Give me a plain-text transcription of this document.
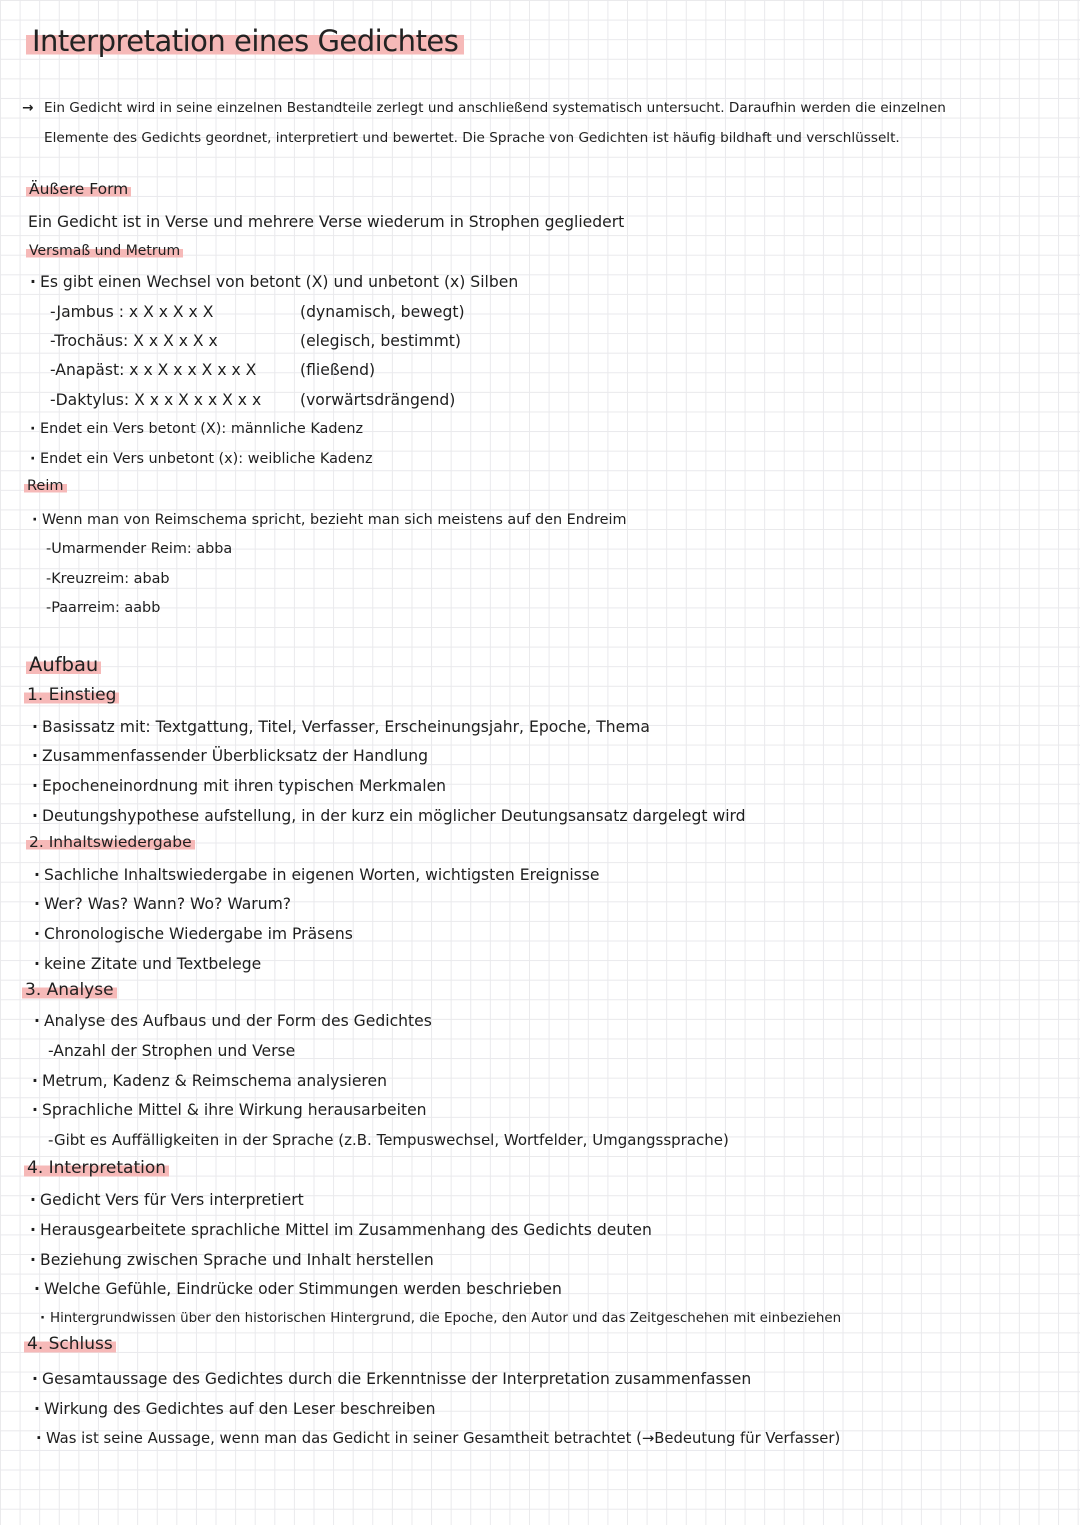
Interpretation eines Gedichtes
→ Ein Gedicht wird in seine einzelnen Bestandteile zerlegt und anschließend systematisch untersucht. Daraufhin werden die einzelnen
Elemente des Gedichts geordnet, interpretiert und bewertet. Die Sprache von Gedichten ist häufig bildhaft und verschlüsselt.
Äußere Form
Ein Gedicht ist in Verse und mehrere Verse wiederum in Strophen gegliedert
Versmaß und Metrum
· Es gibt einen Wechsel von betont (X) und unbetont (x) Silben
-Jambus : x X x X x X	(dynamisch, bewegt)
-Trochäus: X x X x X x	(elegisch, bestimmt)
-Anapäst: x x X x x X x x X	(fließend)
-Daktylus: X x x X x x X x x (vorwärtsdrängend)
· Endet ein Vers betont (X): männliche Kadenz
· Endet ein Vers unbetont (x): weibliche Kadenz
Reim
· Wenn man von Reimschema spricht, bezieht man sich meistens auf den Endreim
-Umarmender Reim: abba
-Kreuzreim: abab
-Paarreim: aabb
Aufbau
1. Einstieg
· Basissatz mit: Textgattung, Titel, Verfasser, Erscheinungsjahr, Epoche, Thema
· Zusammenfassender Überblicksatz der Handlung
· Epocheneinordnung mit ihren typischen Merkmalen
· Deutungshypothese aufstellung, in der kurz ein möglicher Deutungsansatz dargelegt wird
2. Inhaltswiedergabe
· Sachliche Inhaltswiedergabe in eigenen Worten, wichtigsten Ereignisse
· Wer? Was? Wann? Wo? Warum?
· Chronologische Wiedergabe im Präsens
· keine Zitate und Textbelege
3. Analyse
· Analyse des Aufbaus und der Form des Gedichtes
-Anzahl der Strophen und Verse
· Metrum, Kadenz & Reimschema analysieren
· Sprachliche Mittel & ihre Wirkung herausarbeiten
-Gibt es Auffälligkeiten in der Sprache (z.B. Tempuswechsel, Wortfelder, Umgangssprache)
4. Interpretation
· Gedicht Vers für Vers interpretiert
· Herausgearbeitete sprachliche Mittel im Zusammenhang des Gedichts deuten
· Beziehung zwischen Sprache und Inhalt herstellen
· Welche Gefühle, Eindrücke oder Stimmungen werden beschrieben
· Hintergrundwissen über den historischen Hintergrund, die Epoche, den Autor und das Zeitgeschehen mit einbeziehen
4. Schluss
· Gesamtaussage des Gedichtes durch die Erkenntnisse der Interpretation zusammenfassen
· Wirkung des Gedichtes auf den Leser beschreiben
· Was ist seine Aussage, wenn man das Gedicht in seiner Gesamtheit betrachtet (→Bedeutung für Verfasser)
